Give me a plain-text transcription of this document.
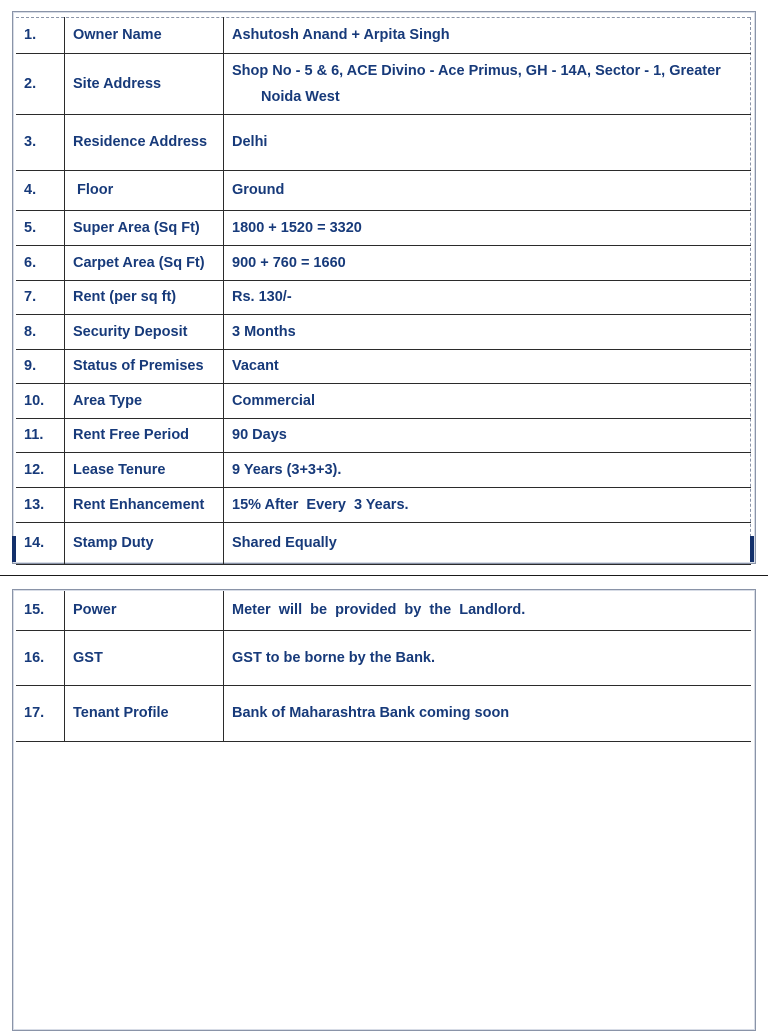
1.	Owner Name	Ashutosh Anand + Arpita Singh
2.	Site Address	Shop No - 5 & 6, ACE Divino - Ace Primus, GH - 14A, Sector - 1, Greater
Noida West

3.	Residence Address	Delhi
4.	Floor	Ground
5.	Super Area (Sq Ft)	1800 + 1520 = 3320
6.	Carpet Area (Sq Ft)	900 + 760 = 1660
7.	Rent (per sq ft)	Rs. 130/-
8.	Security Deposit	3 Months
9.	Status of Premises	Vacant
10.	Area Type	Commercial
11.	Rent Free Period	90 Days
12.	Lease Tenure	9 Years (3+3+3).
13.	Rent Enhancement	15% After  Every  3 Years.
14.	Stamp Duty	Shared Equally
15.	Power	Meter  will  be  provided  by  the  Landlord.
16.	GST	GST to be borne by the Bank.
17.	Tenant Profile	Bank of Maharashtra Bank coming soon
